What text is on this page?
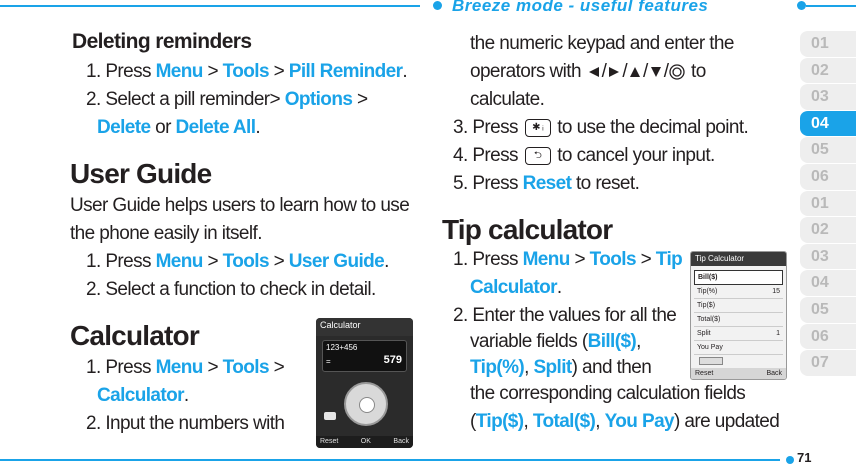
Breeze mode - useful features
71
01
02
03
04
05
06
01
02
03
04
05
06
07
Deleting reminders
1. Press Menu > Tools > Pill Reminder.
2. Select a pill reminder> Options >
Delete or Delete All.
User Guide
User Guide helps users to learn how to use
the phone easily in itself.
1. Press Menu > Tools > User Guide.
2. Select a function to check in detail.
Calculator
1. Press Menu > Tools >
Calculator.
2. Input the numbers with
Calculator
123+456
=	579
Reset	OK	Back
the numeric keypad and enter the
operators with / / / / to
calculate.
3. Press ✱ ᵢ to use the decimal point.
4. Press ⮌ to cancel your input.
5. Press Reset to reset.
Tip calculator
1. Press Menu > Tools > Tip
Calculator.
2. Enter the values for all the
variable fields (Bill($),
Tip(%), Split) and then
the corresponding calculation fields
(Tip($), Total($), You Pay) are updated
Tip Calculator
Bill($)
Tip(%)	15
Tip($)
Total($)
Split	1
You Pay
Reset	Back
